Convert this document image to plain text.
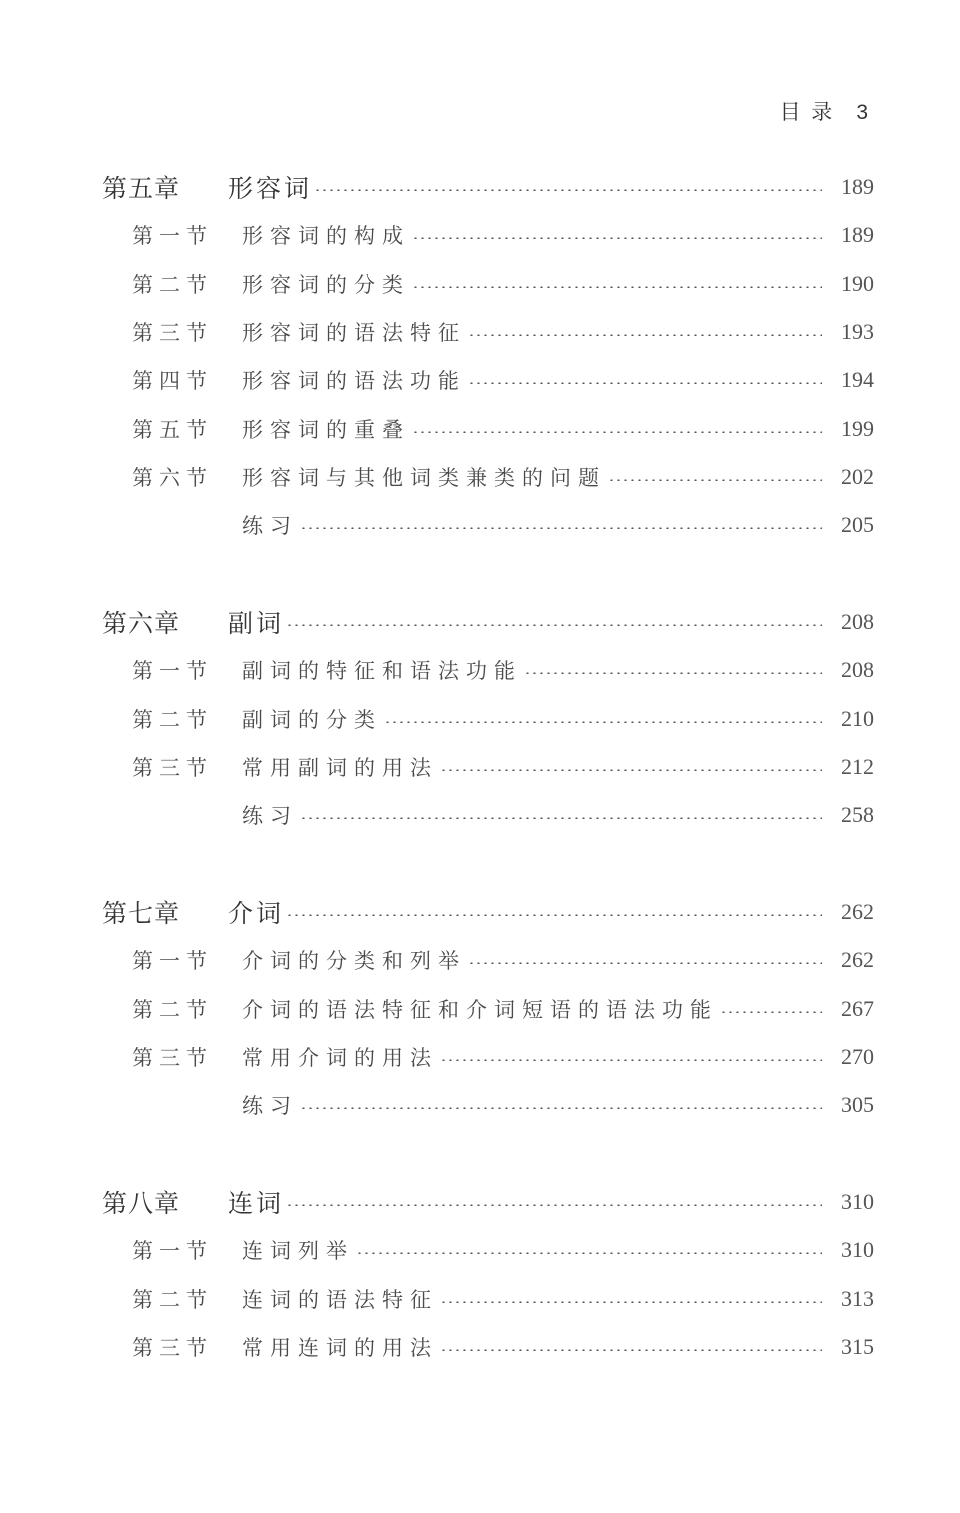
目 录 3
第五章 形容词	189
第一节 形容词的构成	189
第二节 形容词的分类	190
第三节 形容词的语法特征	193
第四节 形容词的语法功能	194
第五节 形容词的重叠	199
第六节 形容词与其他词类兼类的问题	202
练习	205
第六章 副词	208
第一节 副词的特征和语法功能	208
第二节 副词的分类	210
第三节 常用副词的用法	212
练习	258
第七章 介词	262
第一节 介词的分类和列举	262
第二节 介词的语法特征和介词短语的语法功能	267
第三节 常用介词的用法	270
练习	305
第八章 连词	310
第一节 连词列举	310
第二节 连词的语法特征	313
第三节 常用连词的用法	315
